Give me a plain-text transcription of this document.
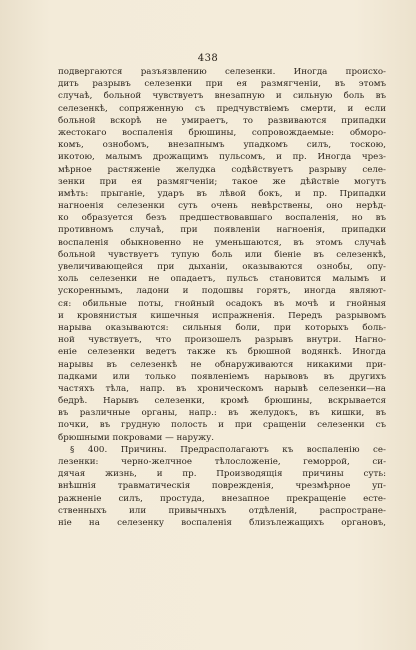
438
подвергаются разъязвлению селезенки. Иногда происхо-
дить разрывъ селезенки при ея размягченіи, въ этомъ
случаѣ, больной чувствуетъ внезапную и сильную боль въ
селезенкѣ, сопряженную съ предчувствіемъ смерти, и если
больной вскорѣ не умираетъ, то развиваются припадки
жестокаго воспаленія брюшины, сопровождаемые: обморо-
комъ, ознобомъ, внезапнымъ упадкомъ силъ, тоскою,
икотою, малымъ дрожащимъ пульсомъ, и пр. Иногда чрез-
мѣрное растяженіе желудка содѣйствуетъ разрыву селе-
зенки при ея размягченіи; такое же дѣйствіе могутъ
имѣть: прыганіе, ударъ въ лѣвой бокъ, и пр. Припадки
нагноенія селезенки суть очень невѣрствены, оно нерѣд-
ко образуется безъ предшествовавшаго воспаленія, но въ
противномъ случаѣ, при появленіи нагноенія, припадки
воспаленія обыкновенно не уменьшаются, въ этомъ случаѣ
больной чувствуетъ тупую боль или біеніе въ селезенкѣ,
увеличивающейся при дыханіи, оказываются ознобы, опу-
холь селезенки не опадаетъ, пульсъ становится малымъ и
ускореннымъ, ладони и подошвы горятъ, иногда являют-
ся: обильные поты, гнойный осадокъ въ мочѣ и гнойныя
и кровянистыя кишечныя испражненія. Передъ разрывомъ
нарыва оказываются: сильныя боли, при которыхъ боль-
ной чувствуетъ, что произошелъ разрывъ внутри. Нагно-
еніе селезенки ведетъ также къ брюшной водянкѣ. Иногда
нарывы въ селезенкѣ не обнаруживаются никакими при-
падками или только появленіемъ нарывовъ въ другихъ
частяхъ тѣла, напр. въ хроническомъ нарывѣ селезенки—на
бедрѣ. Нарывъ селезенки, кромѣ брюшины, вскрывается
въ различные органы, напр.: въ желудокъ, въ кишки, въ
почки, въ грудную полость и при сращеніи селезенки съ
брюшными покровами — наружу.
§ 400. Причины. Предрасполагаютъ къ воспаленію се-
лезенки: черно-желчное тѣлосложеніе, геморрой, си-
дячая жизнь, и пр. Производящія причины суть:
внѣшнія травматическія поврежденія, чрезмѣрное уп-
ражненіе силъ, простуда, внезапное прекращеніе есте-
ственныхъ или привычныхъ отдѣленій, распростране-
ніе на селезенку воспаленія близълежащихъ органовъ,
